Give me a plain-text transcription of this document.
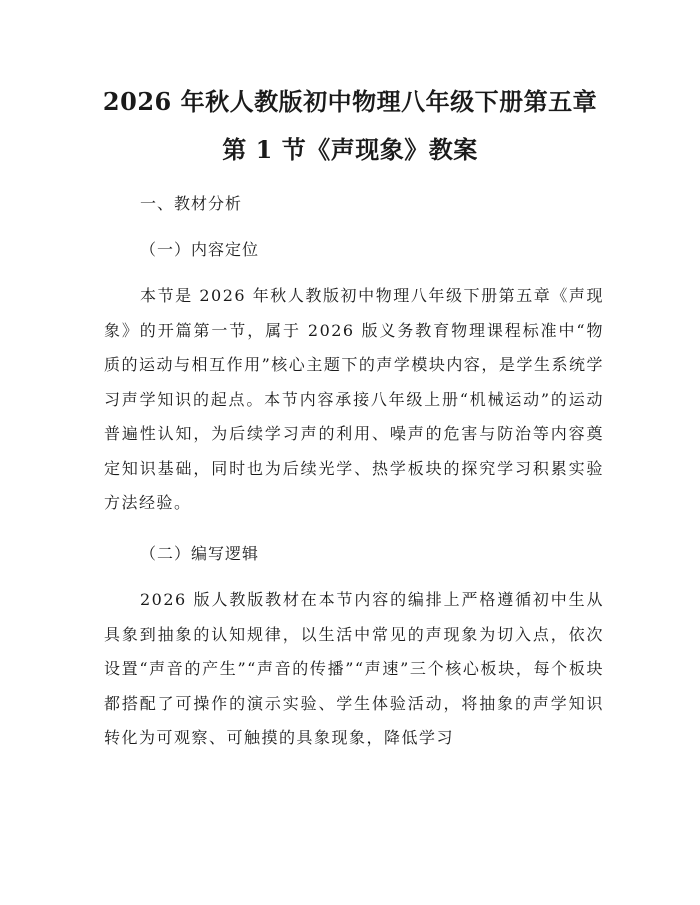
2026 年秋人教版初中物理八年级下册第五章
第 1 节《声现象》教案
一、教材分析
（一）内容定位
本节是 2026 年秋人教版初中物理八年级下册第五章《声现象》的开篇第一节，属于 2026 版义务教育物理课程标准中“物质的运动与相互作用”核心主题下的声学模块内容，是学生系统学习声学知识的起点。本节内容承接八年级上册“机械运动”的运动普遍性认知，为后续学习声的利用、噪声的危害与防治等内容奠定知识基础，同时也为后续光学、热学板块的探究学习积累实验方法经验。
（二）编写逻辑
2026 版人教版教材在本节内容的编排上严格遵循初中生从具象到抽象的认知规律，以生活中常见的声现象为切入点，依次设置“声音的产生”“声音的传播”“声速”三个核心板块，每个板块都搭配了可操作的演示实验、学生体验活动，将抽象的声学知识转化为可观察、可触摸的具象现象，降低学习
